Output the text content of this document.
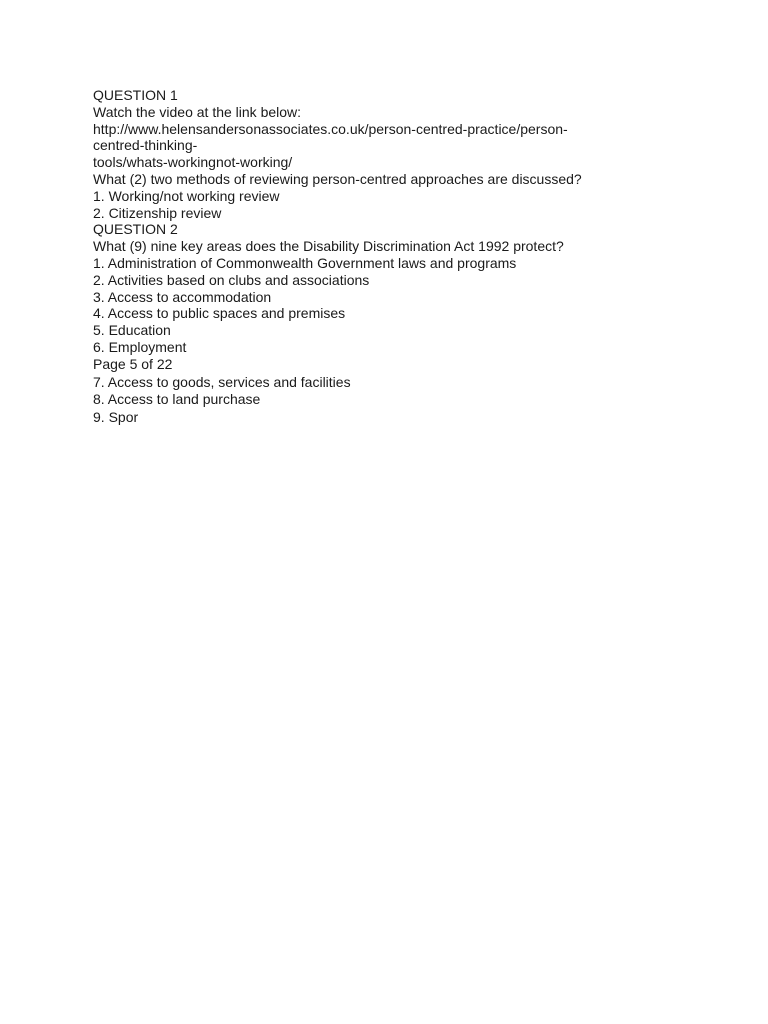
QUESTION 1
Watch the video at the link below:
http://www.helensandersonassociates.co.uk/person-centred-practice/person-
centred-thinking-
tools/whats-workingnot-working/
What (2) two methods of reviewing person-centred approaches are discussed?
1. Working/not working review
2. Citizenship review
QUESTION 2
What (9) nine key areas does the Disability Discrimination Act 1992 protect?
1. Administration of Commonwealth Government laws and programs
2. Activities based on clubs and associations
3. Access to accommodation
4. Access to public spaces and premises
5. Education
6. Employment
Page 5 of 22
7. Access to goods, services and facilities
8. Access to land purchase
9. Spor
